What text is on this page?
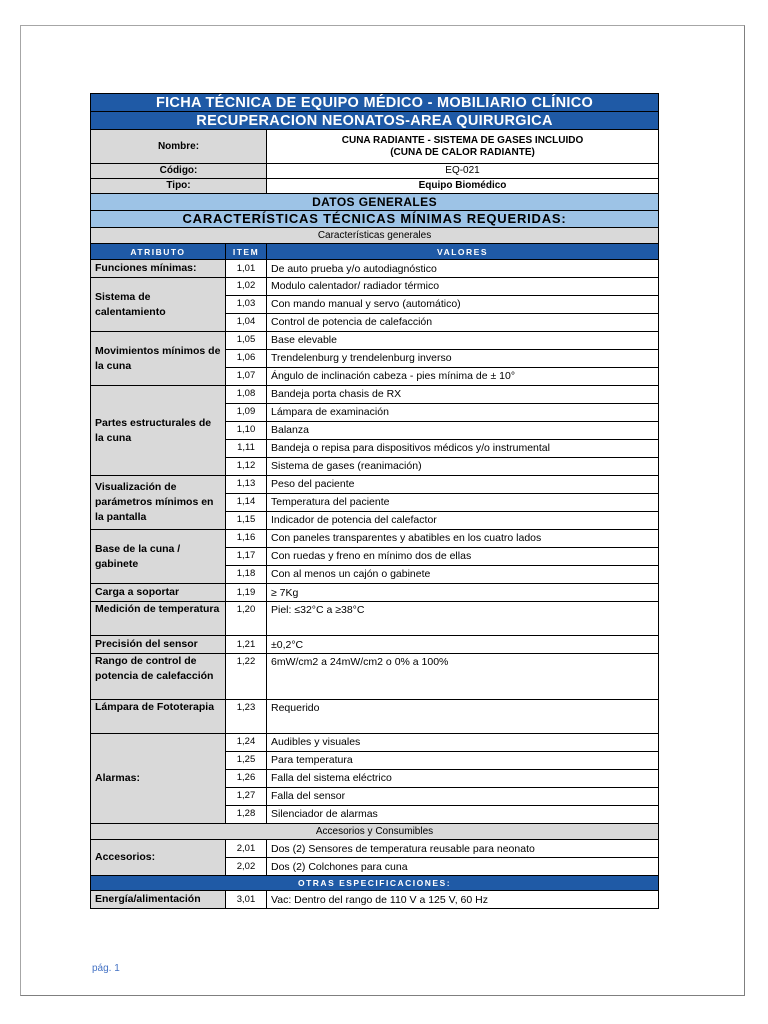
FICHA TÉCNICA DE EQUIPO MÉDICO - MOBILIARIO CLÍNICO		
RECUPERACION NEONATOS-AREA QUIRURGICA		
Nombre:		CUNA RADIANTE - SISTEMA DE GASES INCLUIDO
(CUNA DE CALOR RADIANTE)

Código:		EQ-021
Tipo:		Equipo Biomédico
DATOS GENERALES		
CARACTERÍSTICAS TÉCNICAS MÍNIMAS REQUERIDAS:		
Características generales		
ATRIBUTO	ITEM	VALORES
Funciones mínimas:	1,01	De auto prueba y/o autodiagnóstico
Sistema de calentamiento	1,02	Modulo calentador/ radiador térmico
	1,03	Con mando manual y servo (automático)
	1,04	Control de potencia de calefacción
Movimientos mínimos de la cuna	1,05	Base elevable
	1,06	Trendelenburg y trendelenburg inverso
	1,07	Ángulo de inclinación cabeza - pies mínima de ± 10°
Partes estructurales de la cuna	1,08	Bandeja porta chasis de RX
	1,09	Lámpara de examinación
	1,10	Balanza
	1,11	Bandeja o repisa para dispositivos médicos y/o instrumental
	1,12	Sistema de gases (reanimación)
Visualización de parámetros mínimos en la pantalla	1,13	Peso del paciente
	1,14	Temperatura del paciente
	1,15	Indicador de potencia del calefactor
Base de la cuna / gabinete	1,16	Con paneles transparentes y abatibles en los cuatro lados
	1,17	Con ruedas y freno en mínimo dos de ellas
	1,18	Con al menos un cajón o gabinete
Carga a soportar	1,19	≥ 7Kg
Medición de temperatura	1,20	Piel: ≤32°C a ≥38°C
Precisión del sensor	1,21	±0,2°C
Rango de control de potencia de calefacción	1,22	6mW/cm2 a 24mW/cm2 o 0% a 100%
Lámpara de Fototerapia	1,23	Requerido
Alarmas:	1,24	Audibles y visuales
	1,25	Para temperatura
	1,26	Falla del sistema eléctrico
	1,27	Falla del sensor
	1,28	Silenciador de alarmas
Accesorios y Consumibles		
Accesorios:	2,01	Dos (2) Sensores de temperatura reusable para neonato
	2,02	Dos (2) Colchones para cuna
OTRAS ESPECIFICACIONES:		
Energía/alimentación	3,01	Vac: Dentro del rango de 110 V a 125 V, 60 Hz
pág. 1
